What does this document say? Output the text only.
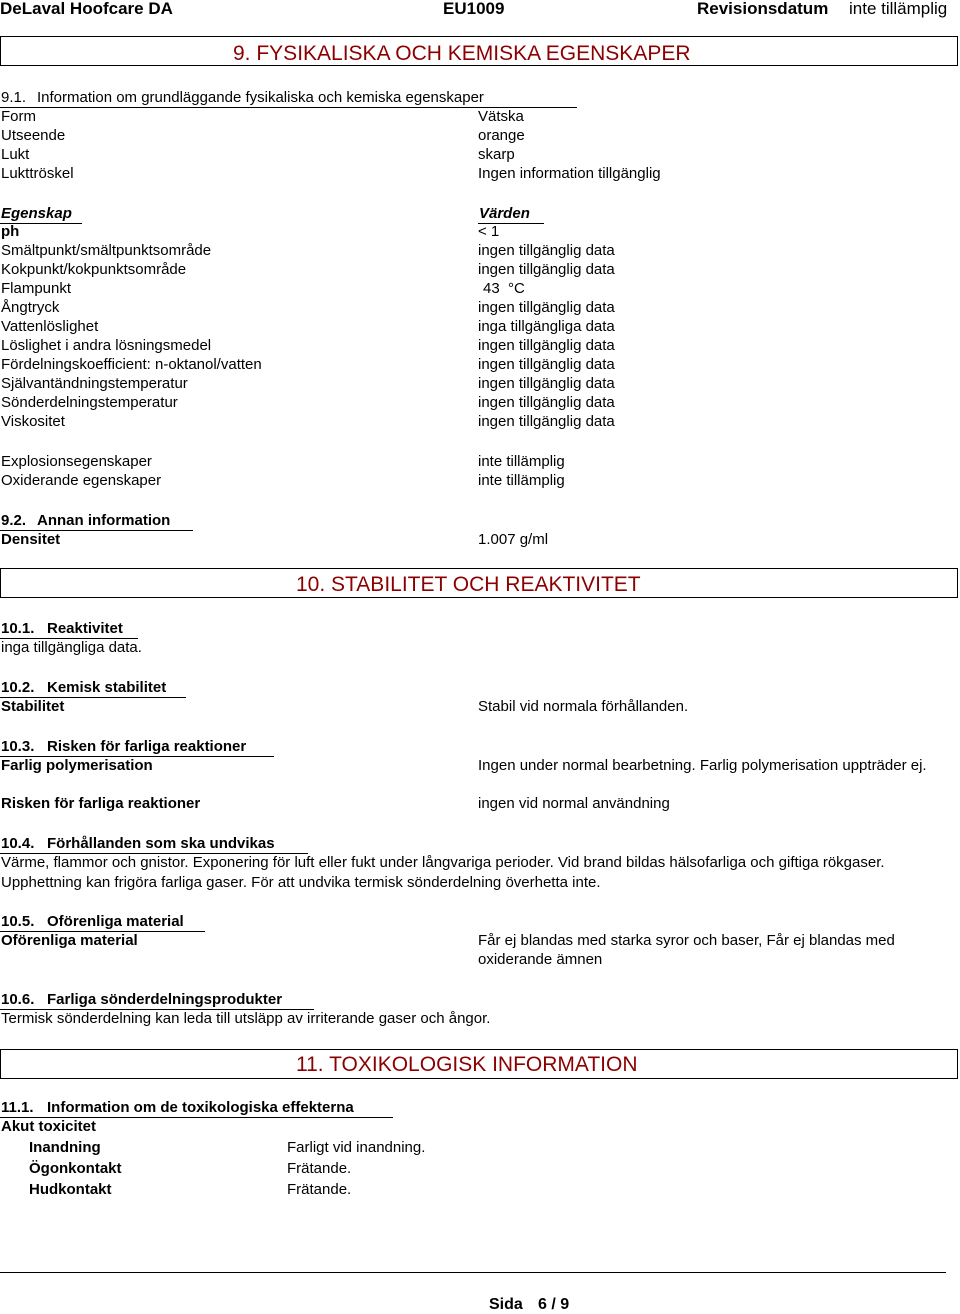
DeLaval Hoofcare DA	EU1009	Revisionsdatum inte tillämplig
9. FYSIKALISKA OCH KEMISKA EGENSKAPER
9.1. Information om grundläggande fysikaliska och kemiska egenskaper
Form	Vätska
Utseende	orange
Lukt	skarp
Lukttröskel	Ingen information tillgänglig
Egenskap	Värden
ph	< 1
Smältpunkt/smältpunktsområde	ingen tillgänglig data
Kokpunkt/kokpunktsområde	ingen tillgänglig data
Flampunkt	43  °C
Ångtryck	ingen tillgänglig data
Vattenlöslighet	inga tillgängliga data
Löslighet i andra lösningsmedel	ingen tillgänglig data
Fördelningskoefficient: n-oktanol/vatten	ingen tillgänglig data
Självantändningstemperatur	ingen tillgänglig data
Sönderdelningstemperatur	ingen tillgänglig data
Viskositet	ingen tillgänglig data
Explosionsegenskaper	inte tillämplig
Oxiderande egenskaper	inte tillämplig
9.2. Annan information
Densitet	1.007 g/ml
10. STABILITET OCH REAKTIVITET
10.1. Reaktivitet
inga tillgängliga data.
10.2. Kemisk stabilitet
Stabilitet	Stabil vid normala förhållanden.
10.3. Risken för farliga reaktioner
Farlig polymerisation	Ingen under normal bearbetning. Farlig polymerisation uppträder ej.
Risken för farliga reaktioner	ingen vid normal användning
10.4. Förhållanden som ska undvikas
Värme, flammor och gnistor. Exponering för luft eller fukt under långvariga perioder. Vid brand bildas hälsofarliga och giftiga rökgaser. Upphettning kan frigöra farliga gaser. För att undvika termisk sönderdelning överhetta inte.
10.5. Oförenliga material
Oförenliga material	Får ej blandas med starka syror och baser, Får ej blandas med oxiderande ämnen
10.6. Farliga sönderdelningsprodukter
Termisk sönderdelning kan leda till utsläpp av irriterande gaser och ångor.
11. TOXIKOLOGISK INFORMATION
11.1. Information om de toxikologiska effekterna
Akut toxicitet
Inandning	Farligt vid inandning.
Ögonkontakt	Frätande.
Hudkontakt	Frätande.
Sida 6 / 9
